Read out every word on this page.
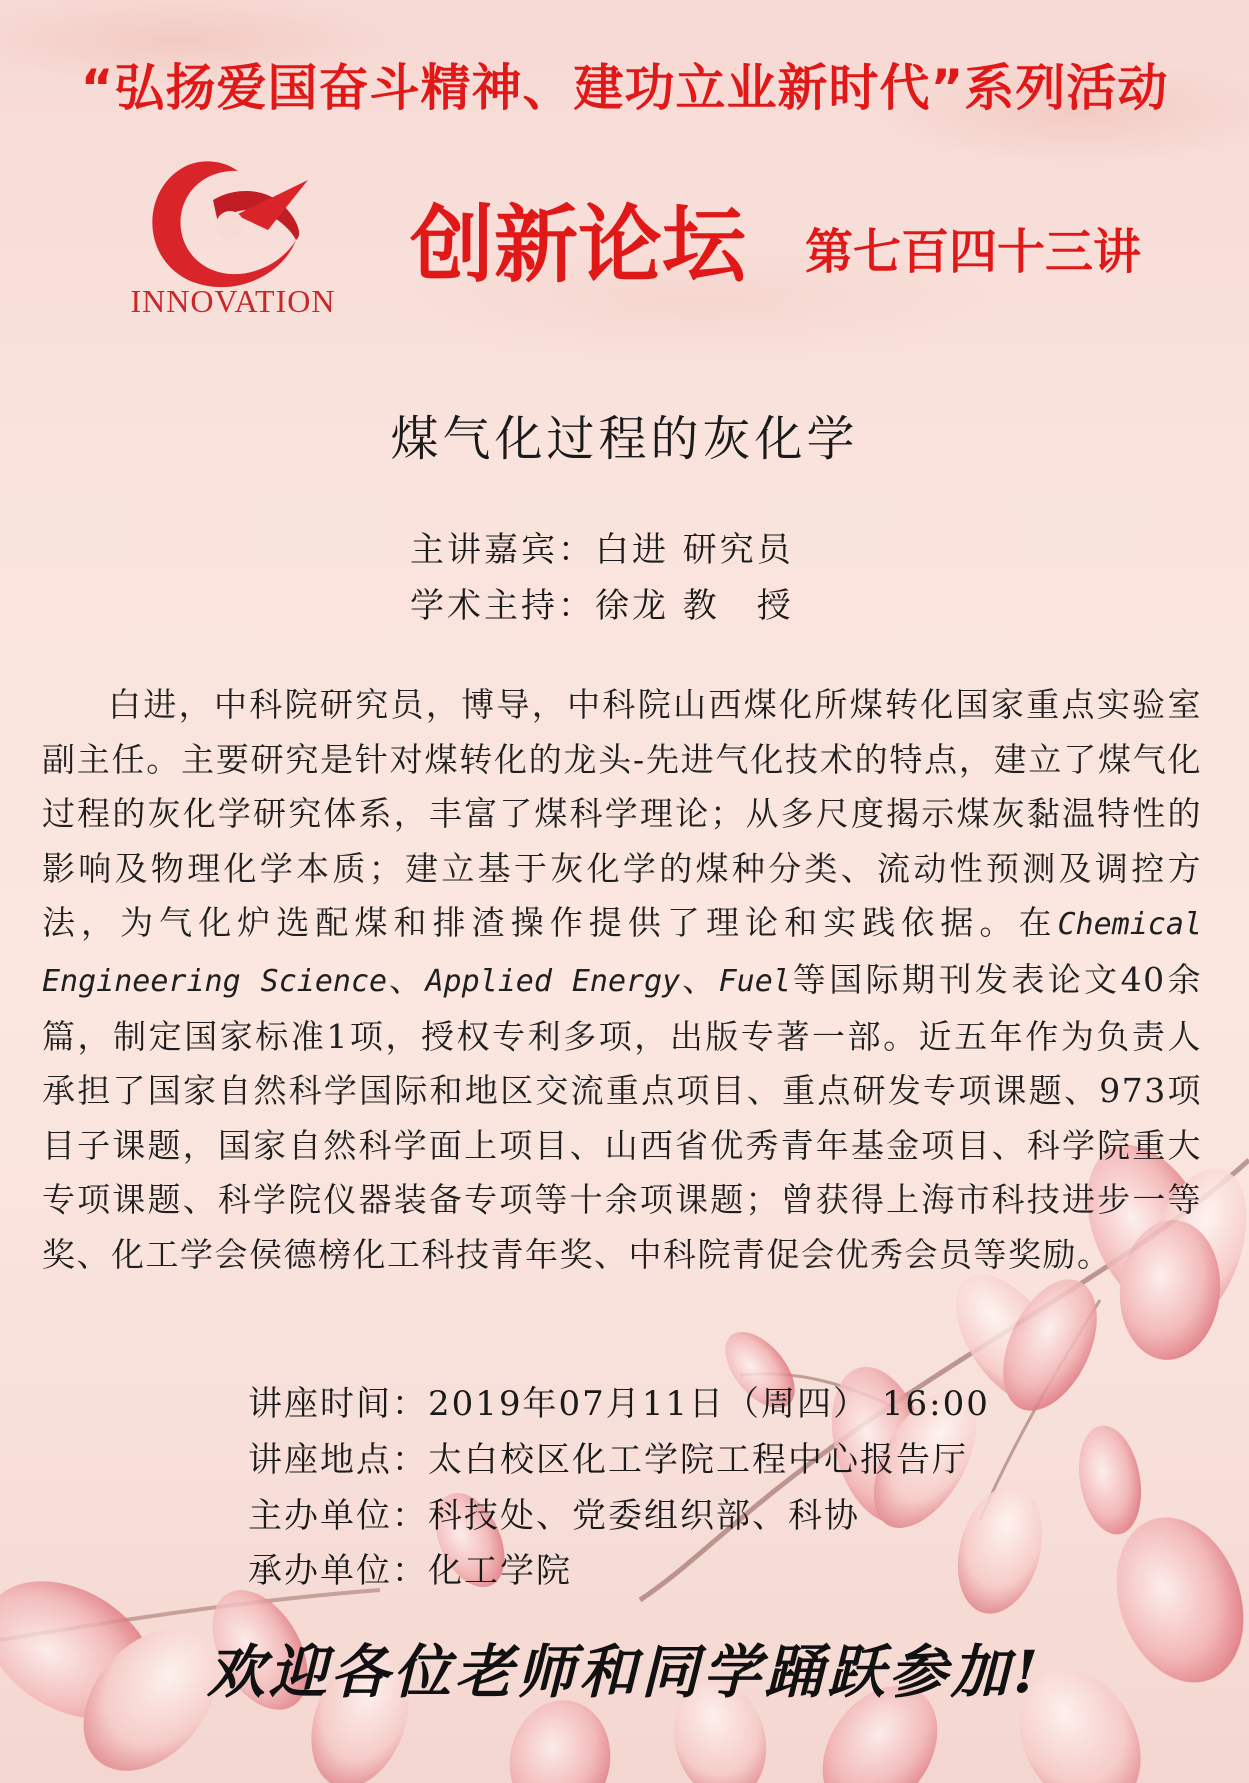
“弘扬爱国奋斗精神、建功立业新时代”系列活动
INNOVATION
创新论坛 第七百四十三讲
煤气化过程的灰化学
主讲嘉宾：白进 研究员
学术主持：徐龙 教　授
白进，中科院研究员，博导，中科院山西煤化所煤转化国家重点实验室副主任。主要研究是针对煤转化的龙头-先进气化技术的特点，建立了煤气化过程的灰化学研究体系，丰富了煤科学理论；从多尺度揭示煤灰黏温特性的影响及物理化学本质；建立基于灰化学的煤种分类、流动性预测及调控方法，为气化炉选配煤和排渣操作提供了理论和实践依据。在Chemical Engineering Science、Applied Energy、Fuel等国际期刊发表论文40余篇，制定国家标准1项，授权专利多项，出版专著一部。近五年作为负责人承担了国家自然科学国际和地区交流重点项目、重点研发专项课题、973项目子课题，国家自然科学面上项目、山西省优秀青年基金项目、科学院重大专项课题、科学院仪器装备专项等十余项课题；曾获得上海市科技进步一等奖、化工学会侯德榜化工科技青年奖、中科院青促会优秀会员等奖励。
讲座时间：2019年07月11日（周四） 16:00
讲座地点：太白校区化工学院工程中心报告厅
主办单位：科技处、党委组织部、科协
承办单位：化工学院
欢迎各位老师和同学踊跃参加!
